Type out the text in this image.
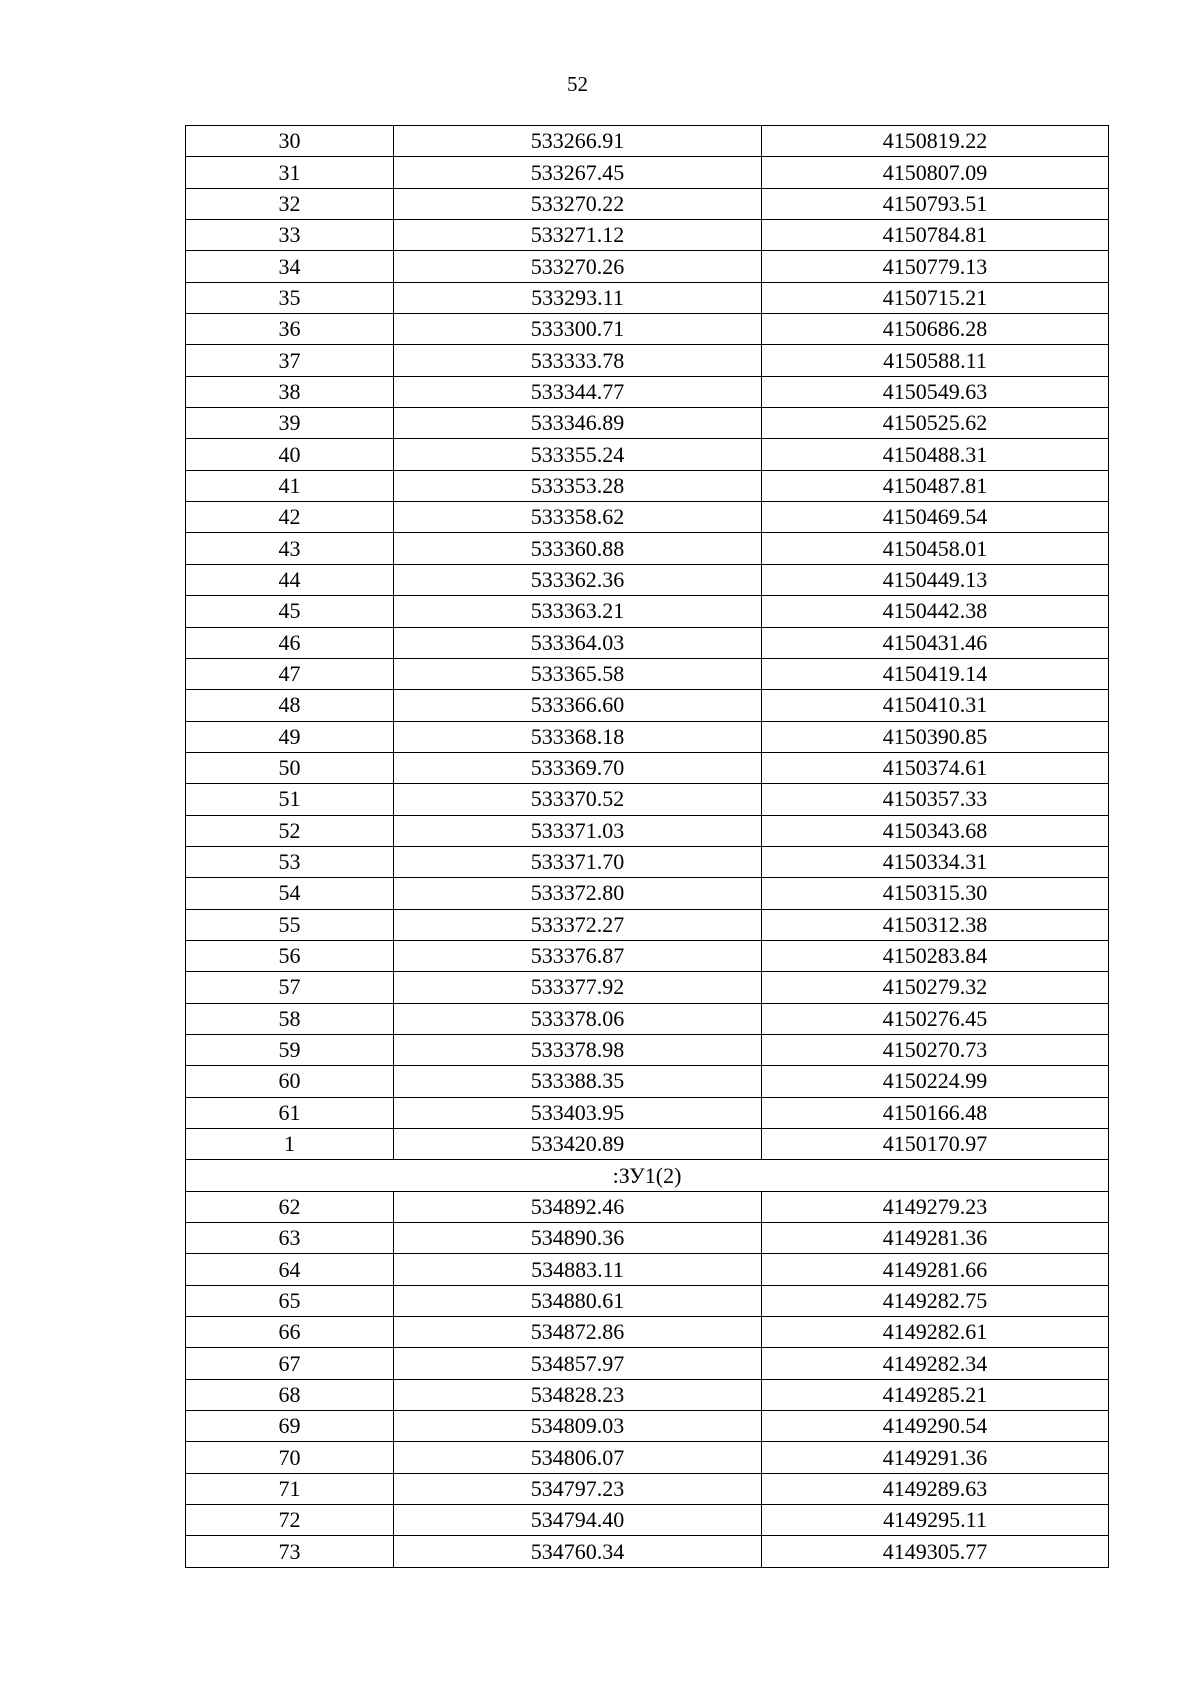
52
30	533266.91	4150819.22
31	533267.45	4150807.09
32	533270.22	4150793.51
33	533271.12	4150784.81
34	533270.26	4150779.13
35	533293.11	4150715.21
36	533300.71	4150686.28
37	533333.78	4150588.11
38	533344.77	4150549.63
39	533346.89	4150525.62
40	533355.24	4150488.31
41	533353.28	4150487.81
42	533358.62	4150469.54
43	533360.88	4150458.01
44	533362.36	4150449.13
45	533363.21	4150442.38
46	533364.03	4150431.46
47	533365.58	4150419.14
48	533366.60	4150410.31
49	533368.18	4150390.85
50	533369.70	4150374.61
51	533370.52	4150357.33
52	533371.03	4150343.68
53	533371.70	4150334.31
54	533372.80	4150315.30
55	533372.27	4150312.38
56	533376.87	4150283.84
57	533377.92	4150279.32
58	533378.06	4150276.45
59	533378.98	4150270.73
60	533388.35	4150224.99
61	533403.95	4150166.48
1	533420.89	4150170.97
:ЗУ1(2)		
62	534892.46	4149279.23
63	534890.36	4149281.36
64	534883.11	4149281.66
65	534880.61	4149282.75
66	534872.86	4149282.61
67	534857.97	4149282.34
68	534828.23	4149285.21
69	534809.03	4149290.54
70	534806.07	4149291.36
71	534797.23	4149289.63
72	534794.40	4149295.11
73	534760.34	4149305.77
